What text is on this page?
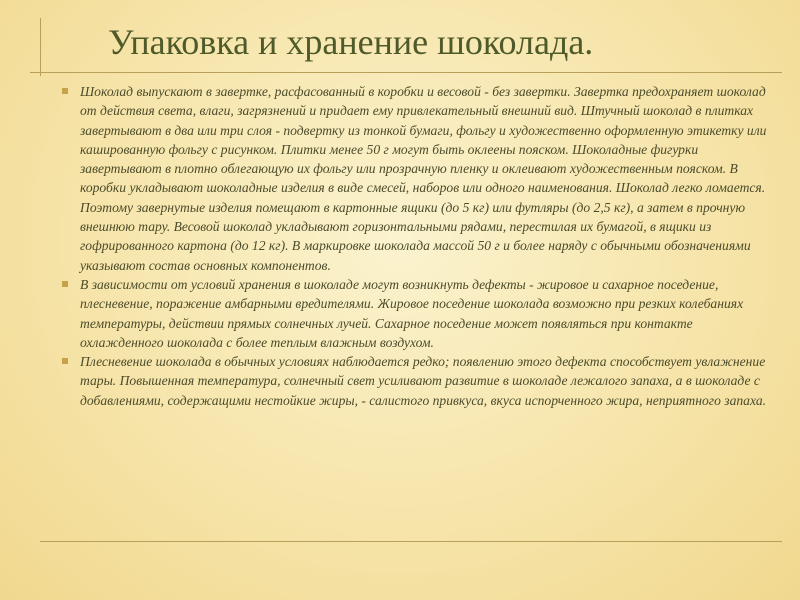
Упаковка и хранение шоколада.
Шоколад выпускают в завертке, расфасованный в коробки и весовой - без завертки. Завертка предохраняет шоколад от действия света, влаги, загрязнений и придает ему привлекательный внешний вид. Штучный шоколад в плитках завертывают в два или три слоя - подвертку из тонкой бумаги, фольгу и художественно оформленную этикетку или кашированную фольгу с рисунком. Плитки менее 50 г могут быть оклеены пояском. Шоколадные фигурки завертывают в плотно облегающую их фольгу или прозрачную пленку и оклеивают художественным пояском. В коробки укладывают шоколадные изделия в виде смесей, наборов или одного наименования. Шоколад легко ломается. Поэтому завернутые изделия помещают в картонные ящики (до 5 кг) или футляры (до 2,5 кг), а затем в прочную внешнюю тару. Весовой шоколад укладывают горизонтальными рядами, перестилая их бумагой, в ящики из гофрированного картона (до 12 кг). В маркировке шоколада массой 50 г и более наряду с обычными обозначениями указывают состав основных компонентов.
В зависимости от условий хранения в шоколаде могут возникнуть дефекты - жировое и сахарное поседение, плесневение, поражение амбарными вредителями. Жировое поседение шоколада возможно при резких колебаниях температуры, действии прямых солнечных лучей. Сахарное поседение может появляться при контакте охлажденного шоколада с более теплым влажным воздухом.
Плесневение шоколада в обычных условиях наблюдается редко; появлению этого дефекта способствует увлажнение тары. Повышенная температура, солнечный свет усиливают развитие в шоколаде лежалого запаха, а в шоколаде с добавлениями, содержащими нестойкие жиры, - салистого привкуса, вкуса испорченного жира, неприятного запаха.
